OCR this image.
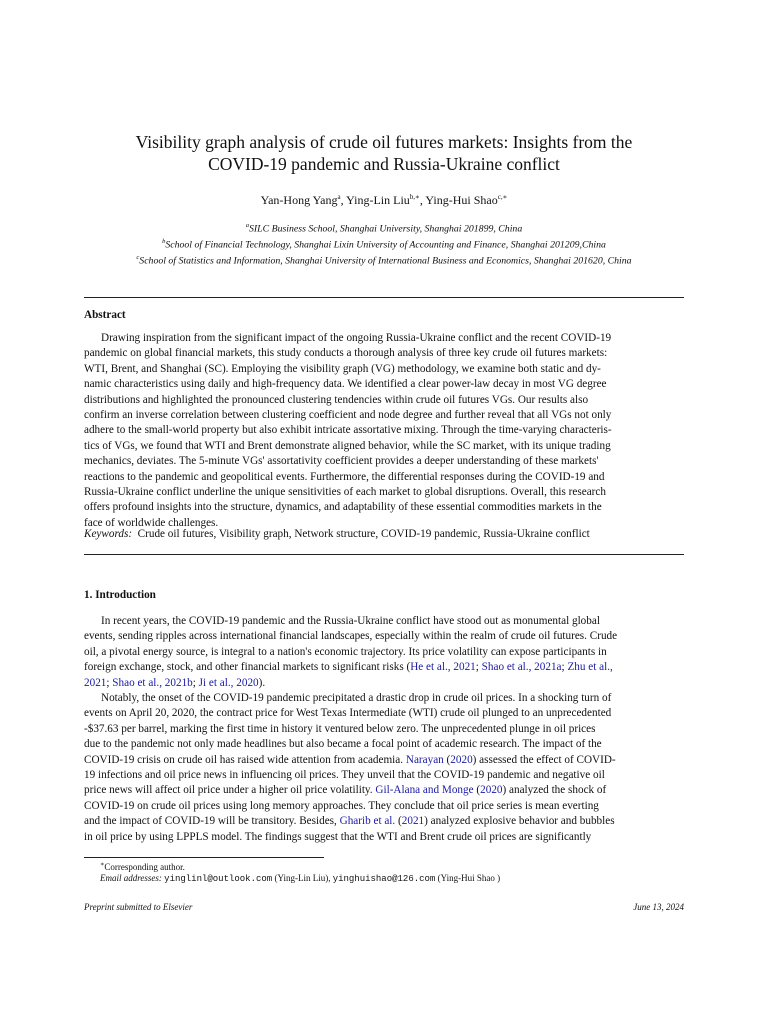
Visibility graph analysis of crude oil futures markets: Insights from the
COVID-19 pandemic and Russia-Ukraine conflict
Yan-Hong Yang$^a$, Ying-Lin Liu$^{b,∗}$, Ying-Hui Shao$^{c,∗}$
$^a$SILC Business School, Shanghai University, Shanghai 201899, China
$^b$School of Financial Technology, Shanghai Lixin University of Accounting and Finance, Shanghai 201209,China
$^c$School of Statistics and Information, Shanghai University of International Business and Economics, Shanghai 201620, China
Abstract
Drawing inspiration from the significant impact of the ongoing Russia-Ukraine conflict and the recent COVID-19
pandemic on global financial markets, this study conducts a thorough analysis of three key crude oil futures markets:
WTI, Brent, and Shanghai (SC). Employing the visibility graph (VG) methodology, we examine both static and dy-
namic characteristics using daily and high-frequency data. We identified a clear power-law decay in most VG degree
distributions and highlighted the pronounced clustering tendencies within crude oil futures VGs. Our results also
confirm an inverse correlation between clustering coefficient and node degree and further reveal that all VGs not only
adhere to the small-world property but also exhibit intricate assortative mixing. Through the time-varying characteris-
tics of VGs, we found that WTI and Brent demonstrate aligned behavior, while the SC market, with its unique trading
mechanics, deviates. The 5-minute VGs' assortativity coefficient provides a deeper understanding of these markets'
reactions to the pandemic and geopolitical events. Furthermore, the differential responses during the COVID-19 and
Russia-Ukraine conflict underline the unique sensitivities of each market to global disruptions. Overall, this research
offers profound insights into the structure, dynamics, and adaptability of these essential commodities markets in the
face of worldwide challenges.
Keywords: Crude oil futures, Visibility graph, Network structure, COVID-19 pandemic, Russia-Ukraine conflict
1. Introduction
In recent years, the COVID-19 pandemic and the Russia-Ukraine conflict have stood out as monumental global
events, sending ripples across international financial landscapes, especially within the realm of crude oil futures. Crude
oil, a pivotal energy source, is integral to a nation's economic trajectory. Its price volatility can expose participants in
foreign exchange, stock, and other financial markets to significant risks (He et al., 2021; Shao et al., 2021a; Zhu et al.,
2021; Shao et al., 2021b; Ji et al., 2020).
Notably, the onset of the COVID-19 pandemic precipitated a drastic drop in crude oil prices. In a shocking turn of
events on April 20, 2020, the contract price for West Texas Intermediate (WTI) crude oil plunged to an unprecedented
-$37.63 per barrel, marking the first time in history it ventured below zero. The unprecedented plunge in oil prices
due to the pandemic not only made headlines but also became a focal point of academic research. The impact of the
COVID-19 crisis on crude oil has raised wide attention from academia. Narayan (2020) assessed the effect of COVID-
19 infections and oil price news in influencing oil prices. They unveil that the COVID-19 pandemic and negative oil
price news will affect oil price under a higher oil price volatility. Gil-Alana and Monge (2020) analyzed the shock of
COVID-19 on crude oil prices using long memory approaches. They conclude that oil price series is mean everting
and the impact of COVID-19 will be transitory. Besides, Gharib et al. (2021) analyzed explosive behavior and bubbles
in oil price by using LPPLS model. The findings suggest that the WTI and Brent crude oil prices are significantly
∗Corresponding author.
Email addresses: yinglinl@outlook.com (Ying-Lin Liu), yinghuishao@126.com (Ying-Hui Shao )
Preprint submitted to Elsevier	June 13, 2024
